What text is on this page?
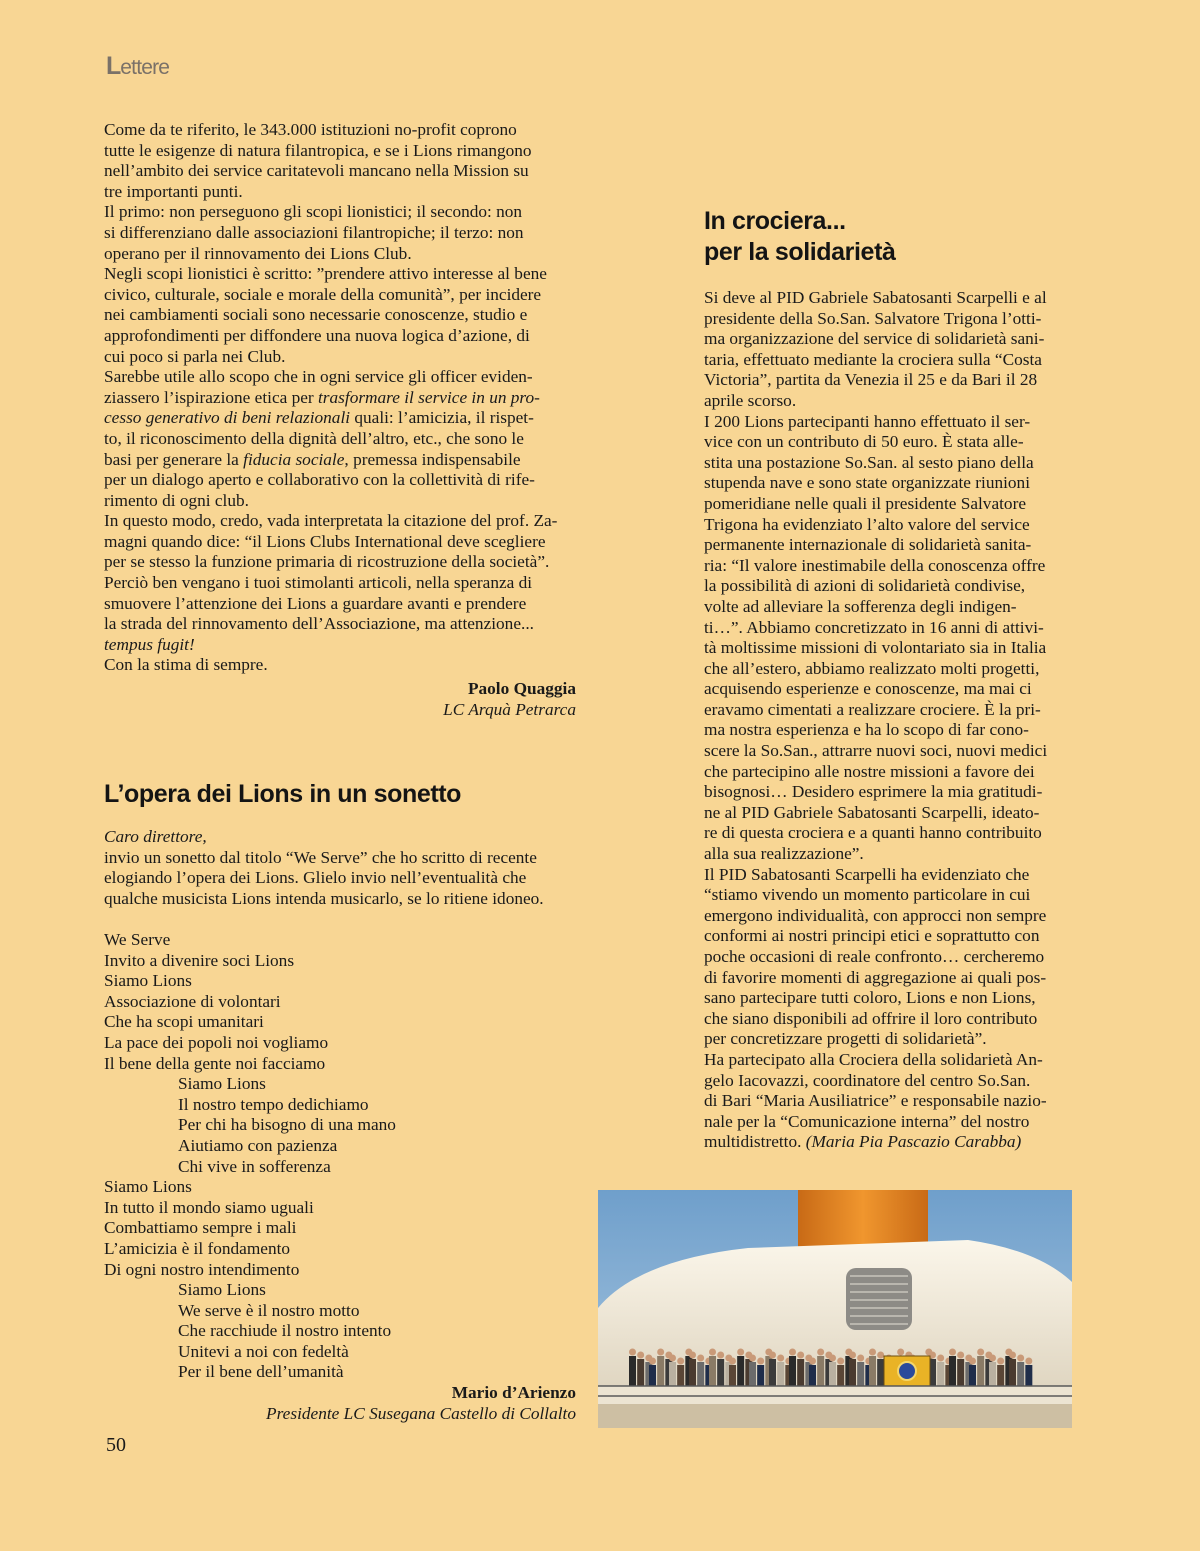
Lettere

Come da te riferito, le 343.000 istituzioni no-profit coprono
tutte le esigenze di natura filantropica, e se i Lions rimangono
nell’ambito dei service caritatevoli mancano nella Mission su
tre importanti punti.
Il primo: non perseguono gli scopi lionistici; il secondo: non
si differenziano dalle associazioni filantropiche; il terzo: non
operano per il rinnovamento dei Lions Club.
Negli scopi lionistici è scritto: ”prendere attivo interesse al bene
civico, culturale, sociale e morale della comunità”, per incidere
nei cambiamenti sociali sono necessarie conoscenze, studio e
approfondimenti per diffondere una nuova logica d’azione, di
cui poco si parla nei Club.
Sarebbe utile allo scopo che in ogni service gli officer eviden-
ziassero l’ispirazione etica per trasformare il service in un pro-
cesso generativo di beni relazionali quali: l’amicizia, il rispet-
to, il riconoscimento della dignità dell’altro, etc., che sono le
basi per generare la fiducia sociale, premessa indispensabile
per un dialogo aperto e collaborativo con la collettività di rife-
rimento di ogni club.
In questo modo, credo, vada interpretata la citazione del prof. Za-
magni quando dice: “il Lions Clubs International deve scegliere
per se stesso la funzione primaria di ricostruzione della società”.
Perciò ben vengano i tuoi stimolanti articoli, nella speranza di
smuovere l’attenzione dei Lions a guardare avanti e prendere
la strada del rinnovamento dell’Associazione, ma attenzione...
tempus fugit!
Con la stima di sempre.

Paolo Quaggia
LC Arquà Petrarca
L’opera dei Lions in un sonetto

Caro direttore,
invio un sonetto dal titolo “We Serve” che ho scritto di recente
elogiando l’opera dei Lions. Glielo invio nell’eventualità che
qualche musicista Lions intenda musicarlo, se lo ritiene idoneo.

We Serve
Invito a divenire soci Lions
Siamo Lions
Associazione di volontari
Che ha scopi umanitari
La pace dei popoli noi vogliamo
Il bene della gente noi facciamo
Siamo Lions
Il nostro tempo dedichiamo
Per chi ha bisogno di una mano
Aiutiamo con pazienza
Chi vive in sofferenza
Siamo Lions
In tutto il mondo siamo uguali
Combattiamo sempre i mali
L’amicizia è il fondamento
Di ogni nostro intendimento
Siamo Lions
We serve è il nostro motto
Che racchiude il nostro intento
Unitevi a noi con fedeltà
Per il bene dell’umanità
Mario d’Arienzo
Presidente LC Susegana Castello di Collalto
In crociera...
per la solidarietà

Si deve al PID Gabriele Sabatosanti Scarpelli e al
presidente della So.San. Salvatore Trigona l’otti-
ma organizzazione del service di solidarietà sani-
taria, effettuato mediante la crociera sulla “Costa
Victoria”, partita da Venezia il 25 e da Bari il 28
aprile scorso.
I 200 Lions partecipanti hanno effettuato il ser-
vice con un contributo di 50 euro. È stata alle-
stita una postazione So.San. al sesto piano della
stupenda nave e sono state organizzate riunioni
pomeridiane nelle quali il presidente Salvatore
Trigona ha evidenziato l’alto valore del service
permanente internazionale di solidarietà sanita-
ria: “Il valore inestimabile della conoscenza offre
la possibilità di azioni di solidarietà condivise,
volte ad alleviare la sofferenza degli indigen-
ti…”. Abbiamo concretizzato in 16 anni di attivi-
tà moltissime missioni di volontariato sia in Italia
che all’estero, abbiamo realizzato molti progetti,
acquisendo esperienze e conoscenze, ma mai ci
eravamo cimentati a realizzare crociere. È la pri-
ma nostra esperienza e ha lo scopo di far cono-
scere la So.San., attrarre nuovi soci, nuovi medici
che partecipino alle nostre missioni a favore dei
bisognosi… Desidero esprimere la mia gratitudi-
ne al PID Gabriele Sabatosanti Scarpelli, ideato-
re di questa crociera e a quanti hanno contribuito
alla sua realizzazione”.
Il PID Sabatosanti Scarpelli ha evidenziato che
“stiamo vivendo un momento particolare in cui
emergono individualità, con approcci non sempre
conformi ai nostri principi etici e soprattutto con
poche occasioni di reale confronto… cercheremo
di favorire momenti di aggregazione ai quali pos-
sano partecipare tutti coloro, Lions e non Lions,
che siano disponibili ad offrire il loro contributo
per concretizzare progetti di solidarietà”.
Ha partecipato alla Crociera della solidarietà An-
gelo Iacovazzi, coordinatore del centro So.San.
di Bari “Maria Ausiliatrice” e responsabile nazio-
nale per la “Comunicazione interna” del nostro
multidistretto. (Maria Pia Pascazio Carabba)

50
